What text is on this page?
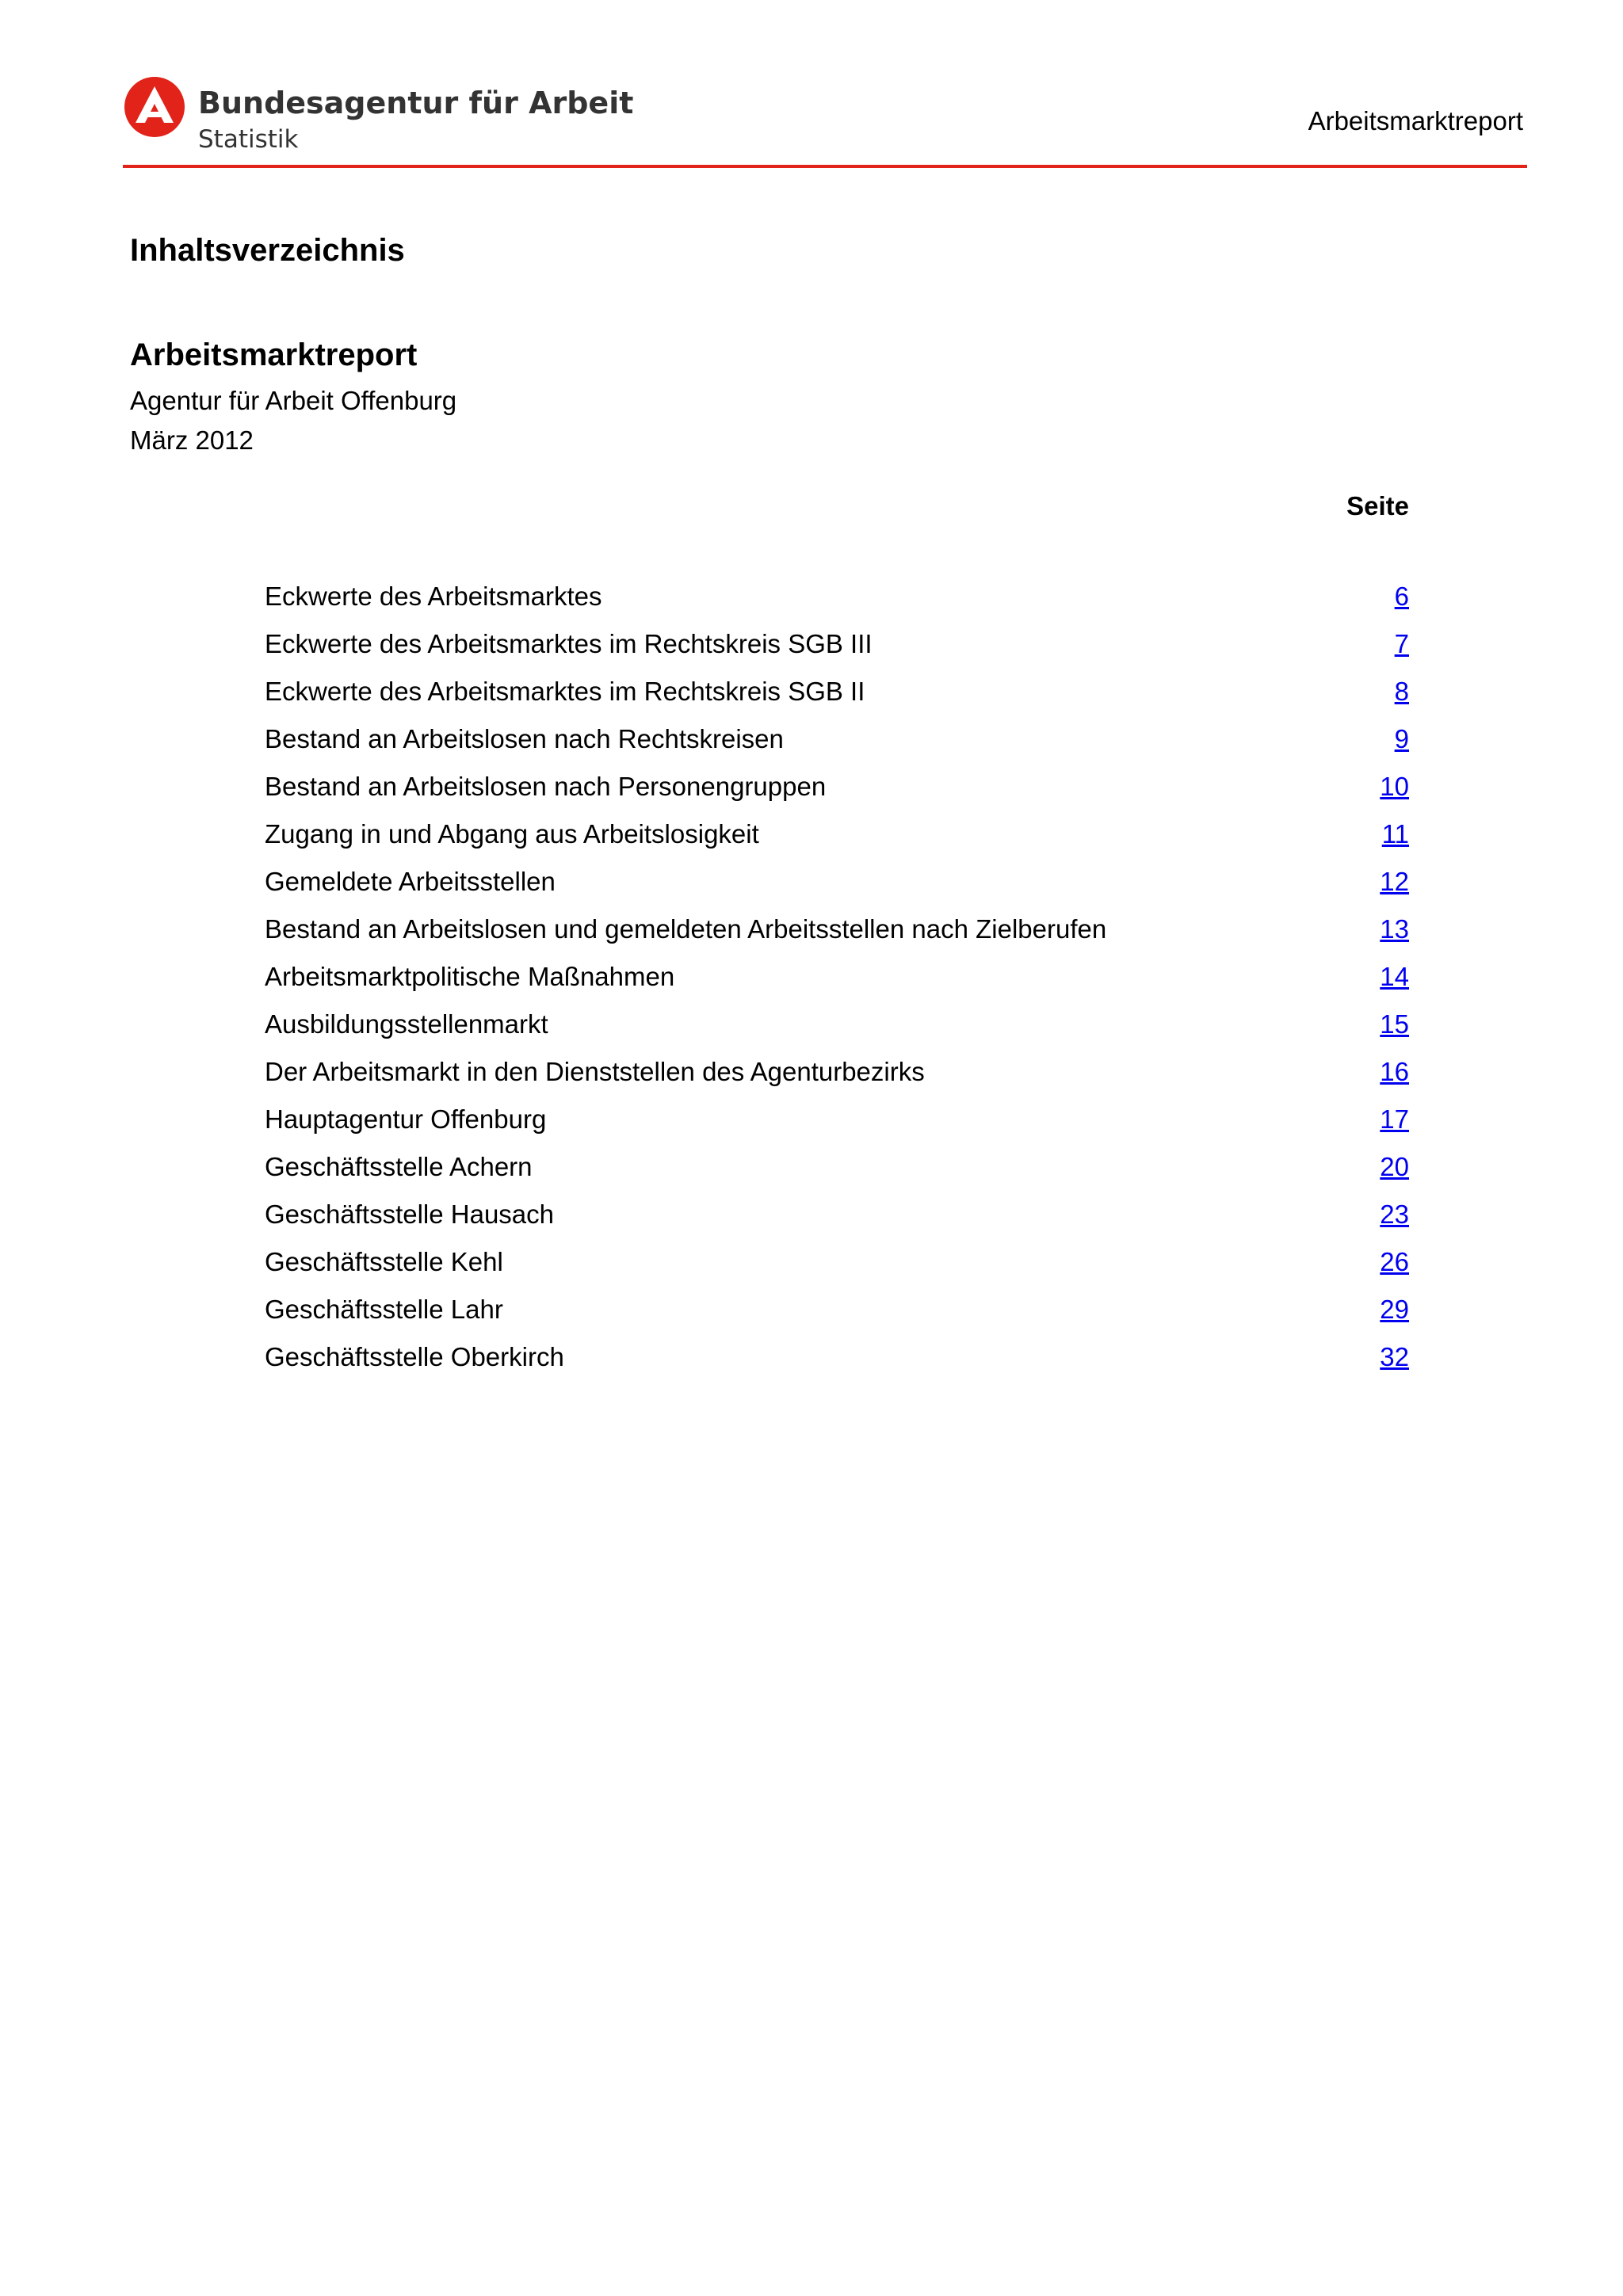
Bundesagentur für Arbeit
Statistik
Arbeitsmarktreport
Inhaltsverzeichnis
Arbeitsmarktreport
Agentur für Arbeit Offenburg
März 2012
Seite
Eckwerte des Arbeitsmarktes	6
Eckwerte des Arbeitsmarktes im Rechtskreis SGB III	7
Eckwerte des Arbeitsmarktes im Rechtskreis SGB II	8
Bestand an Arbeitslosen nach Rechtskreisen	9
Bestand an Arbeitslosen nach Personengruppen	10
Zugang in und Abgang aus Arbeitslosigkeit	11
Gemeldete Arbeitsstellen	12
Bestand an Arbeitslosen und gemeldeten Arbeitsstellen nach Zielberufen	13
Arbeitsmarktpolitische Maßnahmen	14
Ausbildungsstellenmarkt	15
Der Arbeitsmarkt in den Dienststellen des Agenturbezirks	16
Hauptagentur Offenburg	17
Geschäftsstelle Achern	20
Geschäftsstelle Hausach	23
Geschäftsstelle Kehl	26
Geschäftsstelle Lahr	29
Geschäftsstelle Oberkirch	32
